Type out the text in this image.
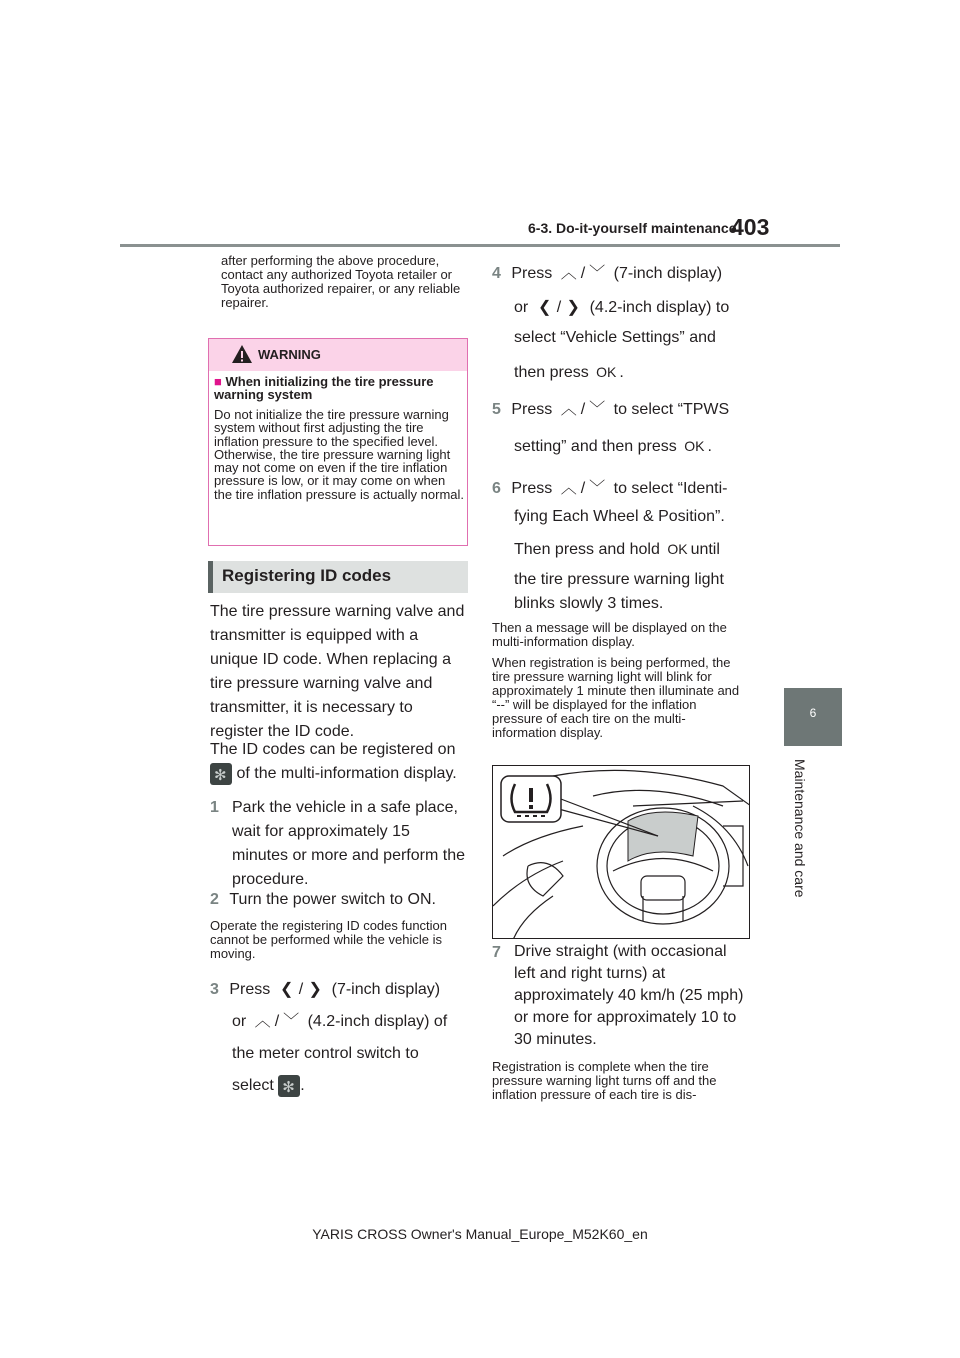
6-3. Do-it-yourself maintenance
403
6
Maintenance and care
after performing the above procedure, contact any authorized Toyota retailer or Toyota authorized repairer, or any reliable repairer.
WARNING
■ When initializing the tire pressure warning system
Do not initialize the tire pressure warning system without first adjusting the tire inflation pressure to the specified level. Otherwise, the tire pressure warning light may not come on even if the tire inflation pressure is low, or it may come on when the tire inflation pressure is actually normal.
Registering ID codes
The tire pressure warning valve and transmitter is equipped with a unique ID code. When replacing a tire pressure warning valve and transmitter, it is necessary to register the ID code.
The ID codes can be registered on
✻ of the multi-information display.
1 Park the vehicle in a safe place, wait for approximately 15 minutes or more and perform the procedure.
2 Turn the power switch to ON.
Operate the registering ID codes function cannot be performed while the vehicle is moving.
3 Press ❮ / ❯ (7-inch display)
or ︿ / ﹀ (4.2-inch display) of
the meter control switch to
select ✻ .
4 Press ︿ / ﹀ (7-inch display)
or ❮ / ❯ (4.2-inch display) to
select “Vehicle Settings” and
then press OK .
5 Press ︿ / ﹀ to select “TPWS
setting” and then press OK .
6 Press ︿ / ﹀ to select “Identi-
fying Each Wheel & Position”.
Then press and hold OK until
the tire pressure warning light
blinks slowly 3 times.
Then a message will be displayed on the multi-information display.
When registration is being performed, the tire pressure warning light will blink for approximately 1 minute then illuminate and “--” will be displayed for the inflation pressure of each tire on the multi-information display.
7 Drive straight (with occasional left and right turns) at approximately 40 km/h (25 mph) or more for approximately 10 to 30 minutes.
Registration is complete when the tire pressure warning light turns off and the inflation pressure of each tire is dis-
YARIS CROSS Owner's Manual_Europe_M52K60_en
